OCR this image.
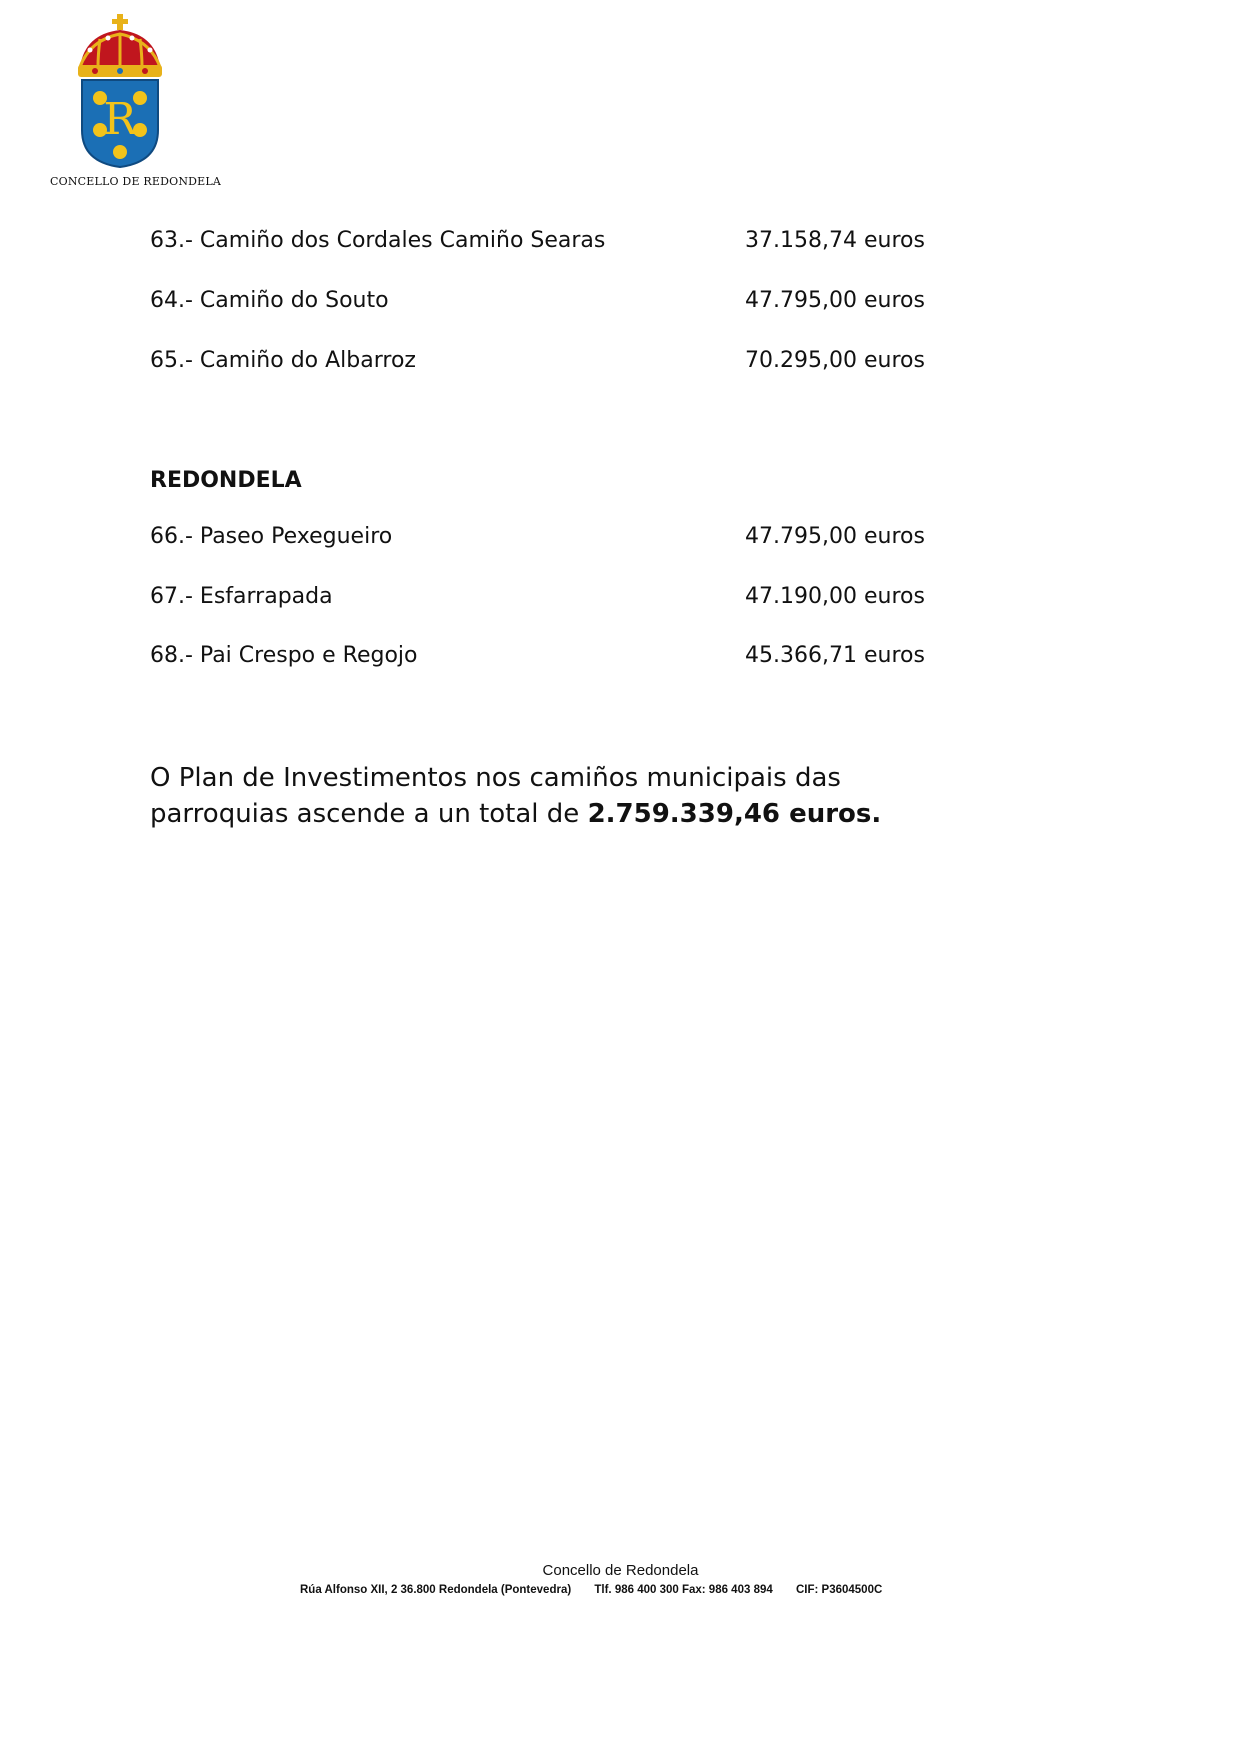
R
CONCELLO DE REDONDELA
63.- Camiño dos Cordales Camiño Searas	37.158,74 euros
64.- Camiño do Souto	47.795,00 euros
65.- Camiño do Albarroz	70.295,00 euros
REDONDELA
66.- Paseo Pexegueiro	47.795,00 euros
67.- Esfarrapada	47.190,00 euros
68.- Pai Crespo e Regojo	45.366,71 euros
O Plan de Investimentos nos camiños municipais das parroquias ascende a un total de 2.759.339,46 euros.
Concello de Redondela
Rúa Alfonso XII, 2 36.800 Redondela (Pontevedra) Tlf. 986 400 300 Fax: 986 403 894 CIF: P3604500C
